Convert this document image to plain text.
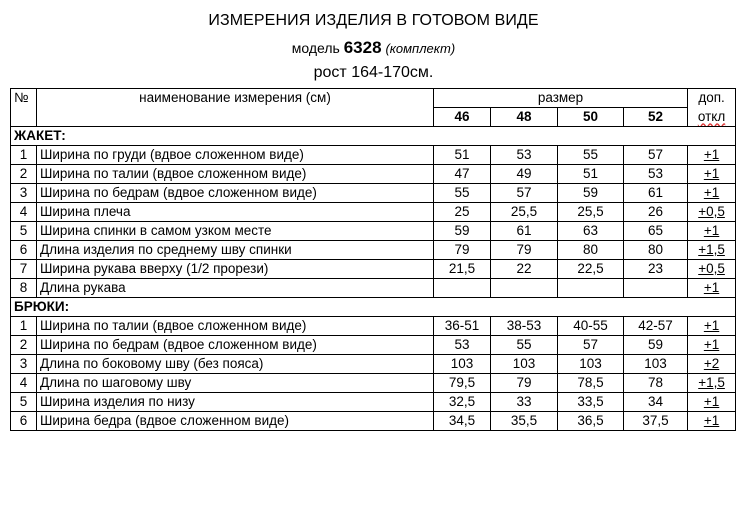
ИЗМЕРЕНИЯ ИЗДЕЛИЯ В ГОТОВОМ ВИДЕ
модель 6328 (комплект)
рост 164-170см.
№	наименование измерения (см)	размер				доп.
		46	48	50	52	откл
ЖАКЕТ:						
1	Ширина по груди (вдвое сложенном виде)	51	53	55	57	+1
2	Ширина по талии (вдвое сложенном виде)	47	49	51	53	+1
3	Ширина по бедрам (вдвое сложенном виде)	55	57	59	61	+1
4	Ширина плеча	25	25,5	25,5	26	+0,5
5	Ширина спинки в самом узком месте	59	61	63	65	+1
6	Длина изделия по среднему шву спинки	79	79	80	80	+1,5
7	Ширина рукава вверху (1/2 прорези)	21,5	22	22,5	23	+0,5
8	Длина рукава					+1
БРЮКИ:						
1	Ширина по талии (вдвое сложенном виде)	36-51	38-53	40-55	42-57	+1
2	Ширина по бедрам (вдвое сложенном виде)	53	55	57	59	+1
3	Длина по боковому шву (без пояса)	103	103	103	103	+2
4	Длина по шаговому шву	79,5	79	78,5	78	+1,5
5	Ширина изделия по низу	32,5	33	33,5	34	+1
6	Ширина бедра (вдвое сложенном виде)	34,5	35,5	36,5	37,5	+1
